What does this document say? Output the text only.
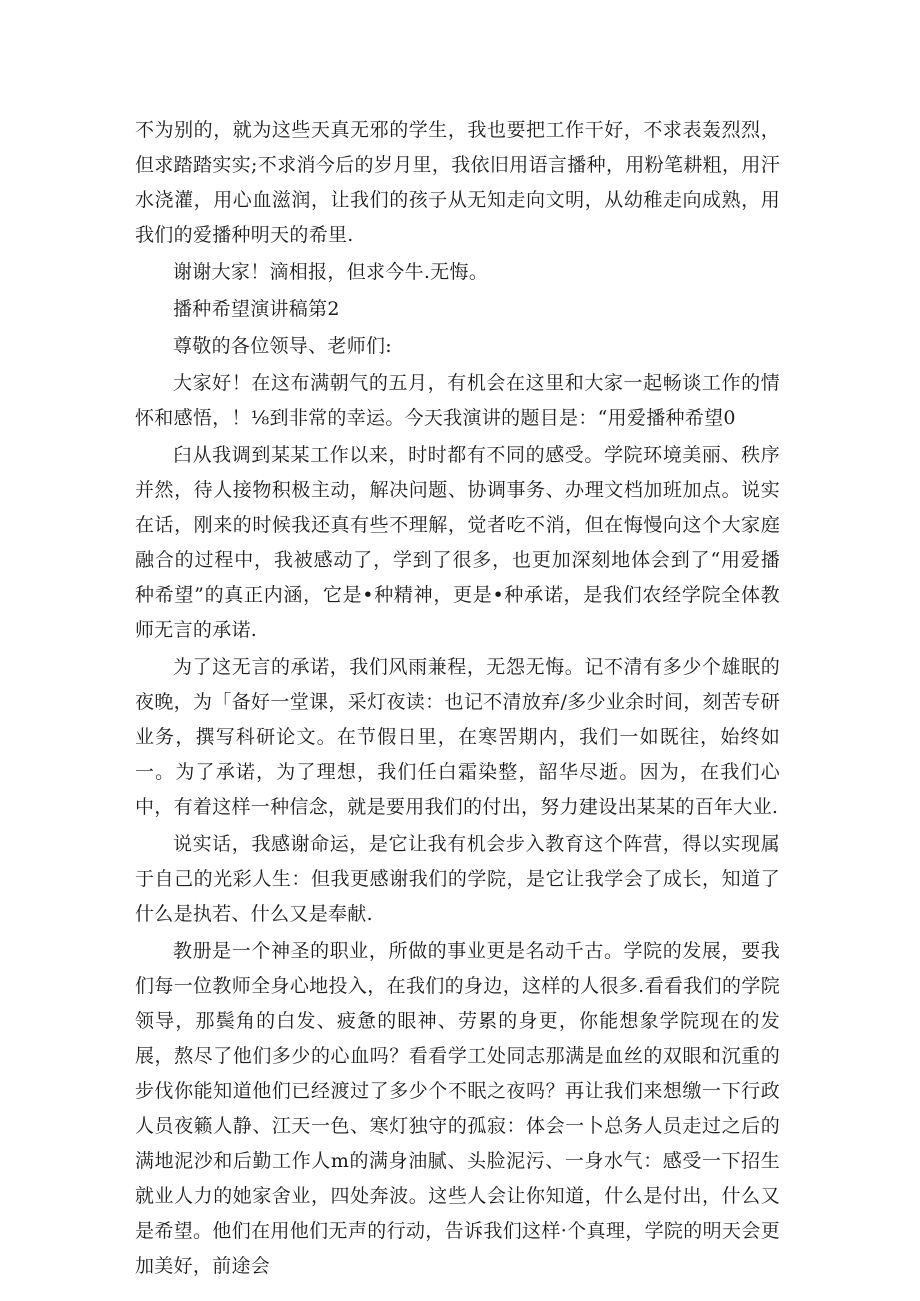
不为别的，就为这些天真无邪的学生，我也要把工作干好，不求表轰烈烈，但求踏踏实实;不求消今后的岁月里，我依旧用语言播种，用粉笔耕粗，用汗水浇灌，用心血滋润，让我们的孩子从无知走向文明，从幼稚走向成熟，用我们的爱播种明天的希里.

谢谢大家！滴相报，但求今牛.无悔。

播种希望演讲稿第2

尊敬的各位领导、老师们:

大家好！在这布满朝气的五月，有机会在这里和大家一起畅谈工作的情怀和感悟，！⅛到非常的幸运。今天我演讲的题目是：“用爱播种希望0

臼从我调到某某工作以来，时时都有不同的感受。学院环境美丽、秩序并然，待人接物积极主动，解决问题、协调事务、办理文档加班加点。说实在话，刚来的时候我还真有些不理解，觉者吃不消，但在悔慢向这个大家庭融合的过程中，我被感动了，学到了很多，也更加深刻地体会到了“用爱播种希望”的真正内涵，它是•种精神，更是•种承诺，是我们农经学院全体教师无言的承诺.

为了这无言的承诺，我们风雨兼程，无怨无悔。记不清有多少个雄眠的夜晚，为「备好一堂课，采灯夜读：也记不清放弃/多少业余时间，刻苦专研业务，撰写科研论文。在节假日里，在寒罟期内，我们一如既往，始终如一。为了承诺，为了理想，我们任白霜染整，韶华尽逝。因为，在我们心中，有着这样一种信念，就是要用我们的付出，努力建设出某某的百年大业.

说实话，我感谢命运，是它让我有机会步入教育这个阵营，得以实现属于自己的光彩人生：但我更感谢我们的学院，是它让我学会了成长，知道了什么是执若、什么又是奉献.

教册是一个神圣的职业，所做的事业更是名动千古。学院的发展，要我们每一位教师全身心地投入，在我们的身边，这样的人很多.看看我们的学院领导，那鬓角的白发、疲惫的眼神、劳累的身更，你能想象学院现在的发展，熬尽了他们多少的心血吗？看看学工处同志那满是血丝的双眼和沉重的步伐你能知道他们已经渡过了多少个不眠之夜吗？再让我们来想缴一下行政人员夜籁人静、江天一色、寒灯独守的孤寂：体会一卜总务人员走过之后的满地泥沙和后勤工作人m的满身油腻、头脸泥污、一身水气：感受一下招生就业人力的她家舍业，四处奔波。这些人会让你知道，什么是付出，什么又是希望。他们在用他们无声的行动，告诉我们这样·个真理，学院的明天会更加美好，前途会
